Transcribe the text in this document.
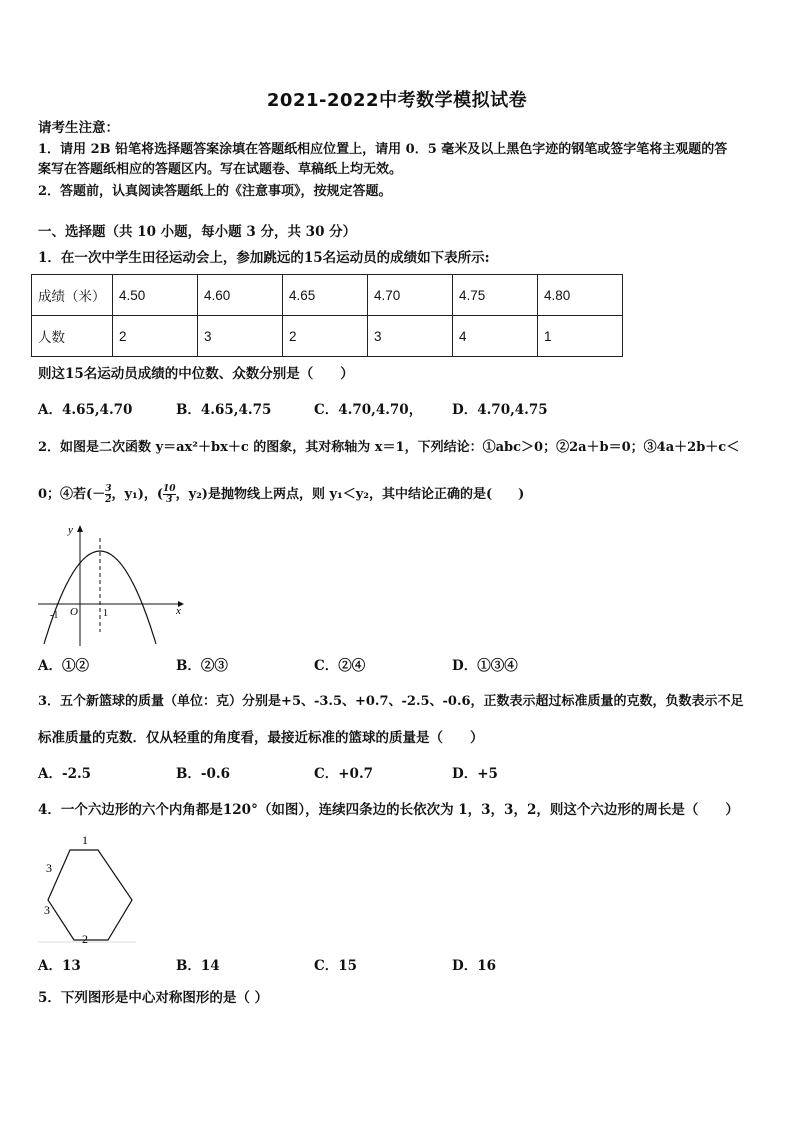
2021-2022中考数学模拟试卷
请考生注意：
1．请用 2B 铅笔将选择题答案涂填在答题纸相应位置上，请用 0．5 毫米及以上黑色字迹的钢笔或签字笔将主观题的答
案写在答题纸相应的答题区内。写在试题卷、草稿纸上均无效。
2．答题前，认真阅读答题纸上的《注意事项》，按规定答题。
一、选择题（共 10 小题，每小题 3 分，共 30 分）
1．在一次中学生田径运动会上，参加跳远的15名运动员的成绩如下表所示:
成绩（米）	4.50	4.60	4.65	4.70	4.75	4.80
人数	2	3	2	3	4	1
则这15名运动员成绩的中位数、众数分别是（　　）
A．4.65,4.70	B．4.65,4.75	C．4.70,4.70， D．4.70,4.75
2．如图是二次函数 y＝ax²＋bx＋c 的图象，其对称轴为 x＝1，下列结论：①abc＞0；②2a＋b＝0；③4a＋2b＋c＜
0；④若(－ $\frac{3}{2}$ ，y₁)，( $\frac{10}{3}$ ，y₂)是抛物线上两点，则 y₁＜y₂，其中结论正确的是(　　)
y
x
O
-1	1
A．①②	B．②③	C．②④	D．①③④
3．五个新篮球的质量（单位：克）分别是+5、-3.5、+0.7、-2.5、-0.6，正数表示超过标准质量的克数，负数表示不足
标准质量的克数．仅从轻重的角度看，最接近标准的篮球的质量是（　　）
A．-2.5	B．-0.6	C．+0.7	D．+5
4．一个六边形的六个内角都是120°（如图），连续四条边的长依次为 1，3，3，2，则这个六边形的周长是（　　）
1
3
3
2
A．13	B．14	C．15	D．16
5．下列图形是中心对称图形的是（ ）
